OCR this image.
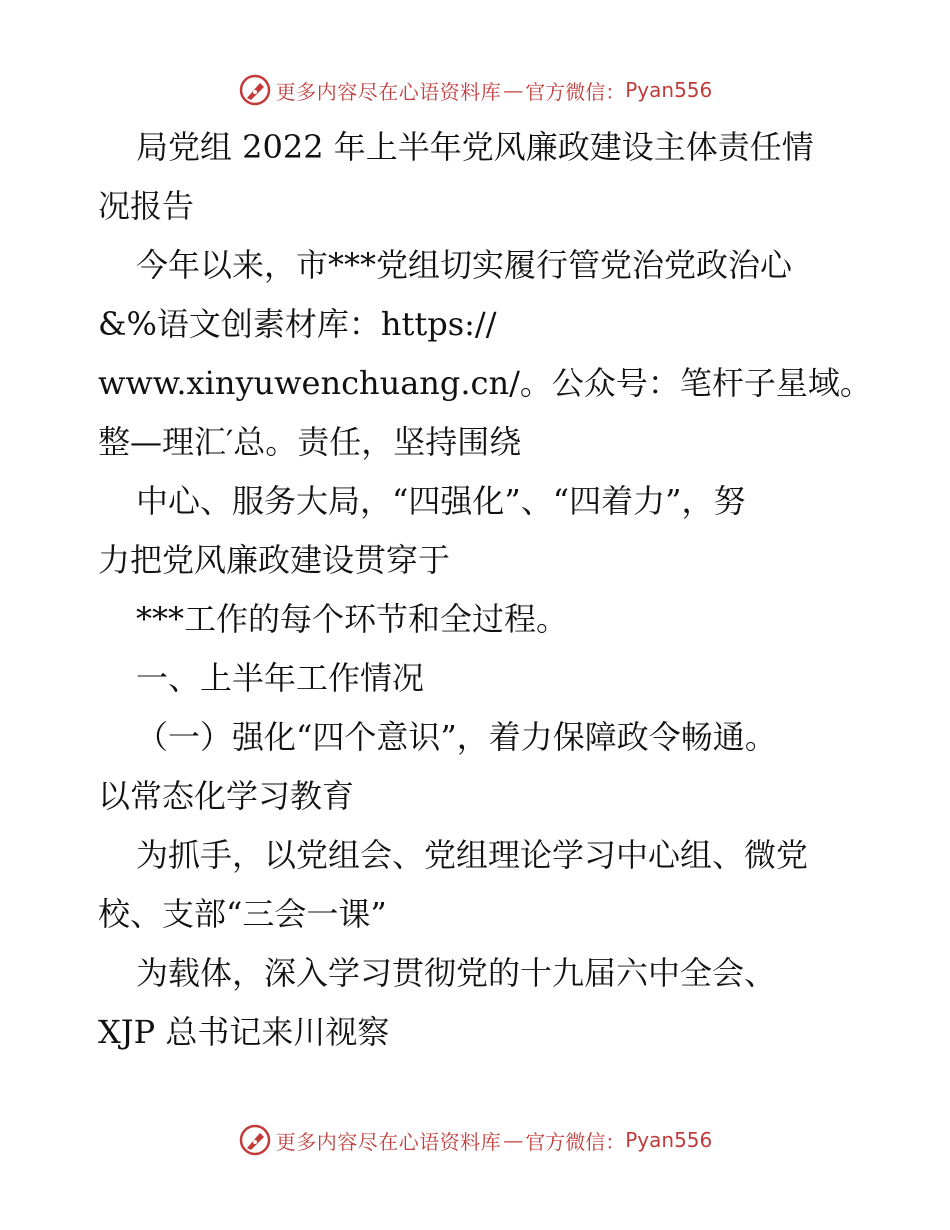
更多内容尽在心语资料库 — 官方微信： Pyan556
局党组 2022 年上半年党风廉政建设主体责任情
况报告
今年以来，市***党组切实履行管党治党政治心
&%语文创素材库：https://
www.xinyuwenchuang.cn/。公众号：笔杆子星域。
整—理汇′总。责任，坚持围绕
中心、服务大局，“四强化”、“四着力”，努
力把党风廉政建设贯穿于
***工作的每个环节和全过程。
一、上半年工作情况
（一）强化“四个意识”，着力保障政令畅通。
以常态化学习教育
为抓手，以党组会、党组理论学习中心组、微党
校、支部“三会一课”
为载体，深入学习贯彻党的十九届六中全会、
XJP 总书记来川视察
更多内容尽在心语资料库 — 官方微信： Pyan556
